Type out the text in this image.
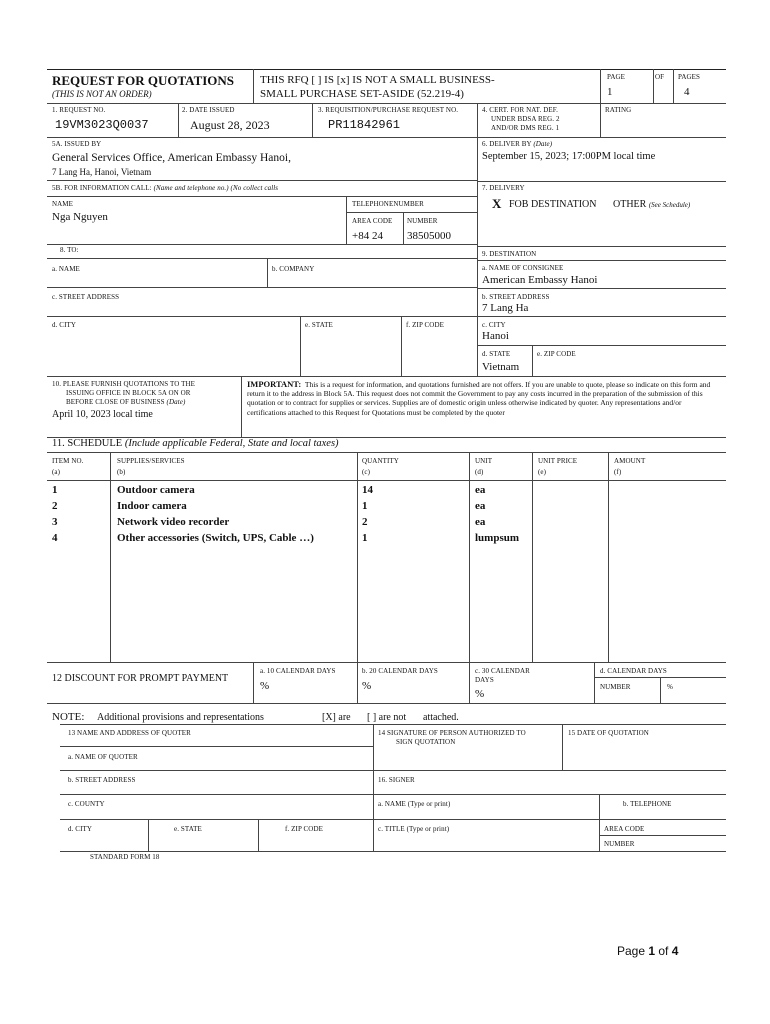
REQUEST FOR QUOTATIONS
(THIS IS NOT AN ORDER)
THIS RFQ [ ] IS [x] IS NOT A SMALL BUSINESS-
SMALL PURCHASE SET-ASIDE (52.219-4)
PAGE
1
OF PAGES
4
1. REQUEST NO.
19VM3023Q0037
2. DATE ISSUED
August 28, 2023
3. REQUISITION/PURCHASE REQUEST NO.
PR11842961
4. CERT. FOR NAT. DEF.
UNDER BDSA REG. 2
AND/OR DMS REG. 1
RATING
5A. ISSUED BY
General Services Office, American Embassy Hanoi,
7 Lang Ha, Hanoi, Vietnam
6. DELIVER BY (Date)
September 15, 2023; 17:00PM local time
5B. FOR INFORMATION CALL: (Name and telephone no.) (No collect calls
NAME
Nga Nguyen
TELEPHONENUMBER
AREA CODE
+84 24
NUMBER
38505000
7. DELIVERY
X FOB DESTINATION OTHER (See Schedule)
8. TO:
a. NAME	b. COMPANY
c. STREET ADDRESS
d. CITY	e. STATE	f. ZIP CODE
9. DESTINATION
a. NAME OF CONSIGNEE
American Embassy Hanoi
b. STREET ADDRESS
7 Lang Ha
c. CITY
Hanoi
d. STATE
Vietnam
e. ZIP CODE
10. PLEASE FURNISH QUOTATIONS TO THE
ISSUING OFFICE IN BLOCK 5A ON OR
BEFORE CLOSE OF BUSINESS (Date)
April 10, 2023 local time
IMPORTANT: This is a request for information, and quotations furnished are not offers. If you are unable to quote, please so indicate on this form and return it to the address in Block 5A. This request does not commit the Government to pay any costs incurred in the preparation of the submission of this quotation or to contract for supplies or services. Supplies are of domestic origin unless otherwise indicated by quoter. Any representations and/or certifications attached to this Request for Quotations must be completed by the quoter
11. SCHEDULE (Include applicable Federal, State and local taxes)
ITEM NO.
(a)
SUPPLIES/SERVICES
(b)
QUANTITY
(c)
UNIT
(d)
UNIT PRICE
(e)
AMOUNT
(f)
1	Outdoor camera	14	ea
2	Indoor camera	1	ea
3	Network video recorder	2	ea
4	Other accessories (Switch, UPS, Cable …)	1	lumpsum
12 DISCOUNT FOR PROMPT PAYMENT
a. 10 CALENDAR DAYS
%
b. 20 CALENDAR DAYS
%
c. 30 CALENDAR
DAYS
%
d. CALENDAR DAYS
NUMBER	%
NOTE: Additional provisions and representations	[X] are [ ] are not attached.
13 NAME AND ADDRESS OF QUOTER	14 SIGNATURE OF PERSON AUTHORIZED TO
SIGN QUOTATION
15 DATE OF QUOTATION
a. NAME OF QUOTER
b. STREET ADDRESS	16. SIGNER
c. COUNTY	a. NAME (Type or print)	b. TELEPHONE
d. CITY	e. STATE	f. ZIP CODE	c. TITLE (Type or print)	AREA CODE
NUMBER
STANDARD FORM 18
Page 1 of 4
